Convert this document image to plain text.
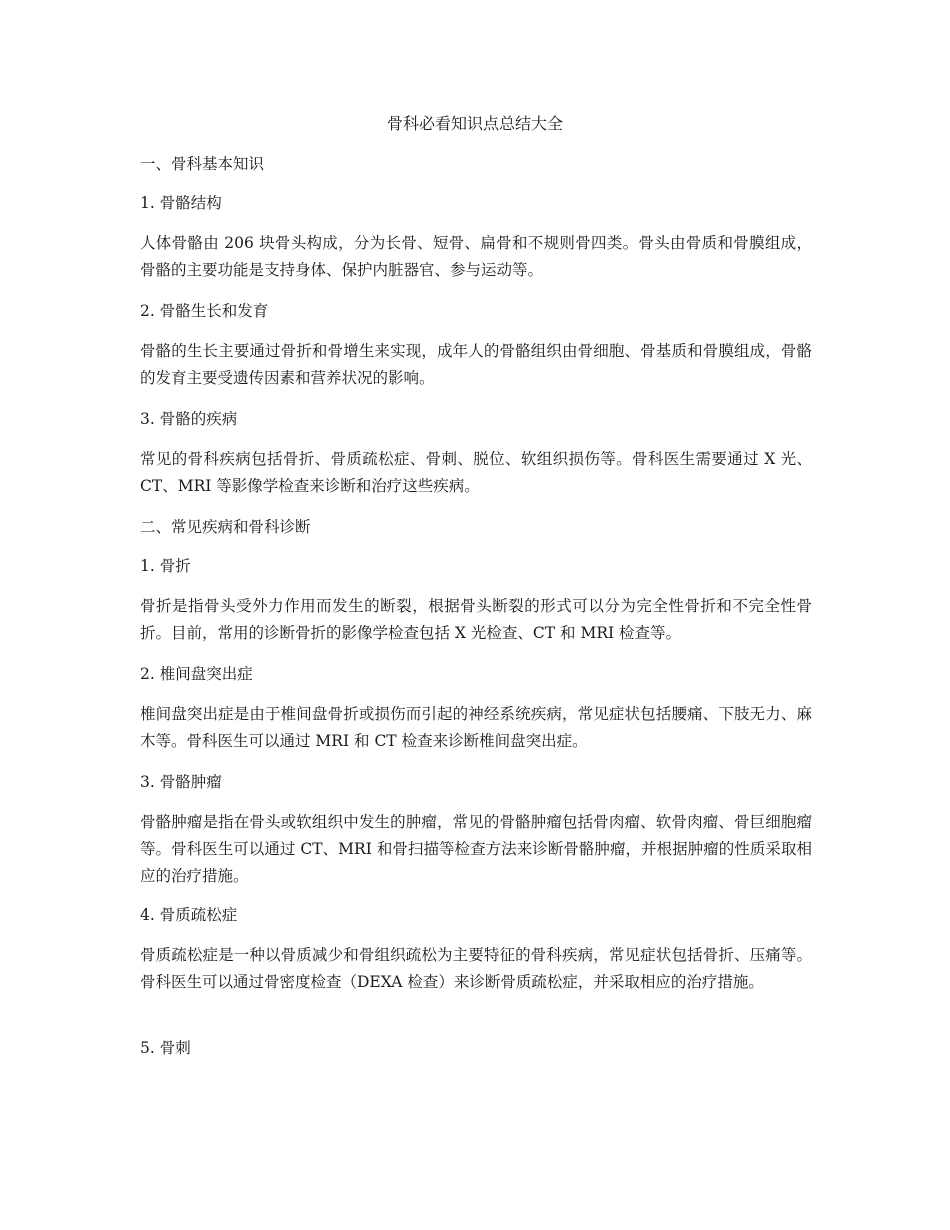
骨科必看知识点总结大全
一、骨科基本知识
1. 骨骼结构
人体骨骼由 206 块骨头构成，分为长骨、短骨、扁骨和不规则骨四类。骨头由骨质和骨膜组成，骨骼的主要功能是支持身体、保护内脏器官、参与运动等。
2. 骨骼生长和发育
骨骼的生长主要通过骨折和骨增生来实现，成年人的骨骼组织由骨细胞、骨基质和骨膜组成，骨骼的发育主要受遗传因素和营养状况的影响。
3. 骨骼的疾病
常见的骨科疾病包括骨折、骨质疏松症、骨刺、脱位、软组织损伤等。骨科医生需要通过 X 光、CT、MRI 等影像学检查来诊断和治疗这些疾病。
二、常见疾病和骨科诊断
1. 骨折
骨折是指骨头受外力作用而发生的断裂，根据骨头断裂的形式可以分为完全性骨折和不完全性骨折。目前，常用的诊断骨折的影像学检查包括 X 光检查、CT 和 MRI 检查等。
2. 椎间盘突出症
椎间盘突出症是由于椎间盘骨折或损伤而引起的神经系统疾病，常见症状包括腰痛、下肢无力、麻木等。骨科医生可以通过 MRI 和 CT 检查来诊断椎间盘突出症。
3. 骨骼肿瘤
骨骼肿瘤是指在骨头或软组织中发生的肿瘤，常见的骨骼肿瘤包括骨肉瘤、软骨肉瘤、骨巨细胞瘤等。骨科医生可以通过 CT、MRI 和骨扫描等检查方法来诊断骨骼肿瘤，并根据肿瘤的性质采取相应的治疗措施。
4. 骨质疏松症
骨质疏松症是一种以骨质减少和骨组织疏松为主要特征的骨科疾病，常见症状包括骨折、压痛等。骨科医生可以通过骨密度检查（DEXA 检查）来诊断骨质疏松症，并采取相应的治疗措施。
5. 骨刺
